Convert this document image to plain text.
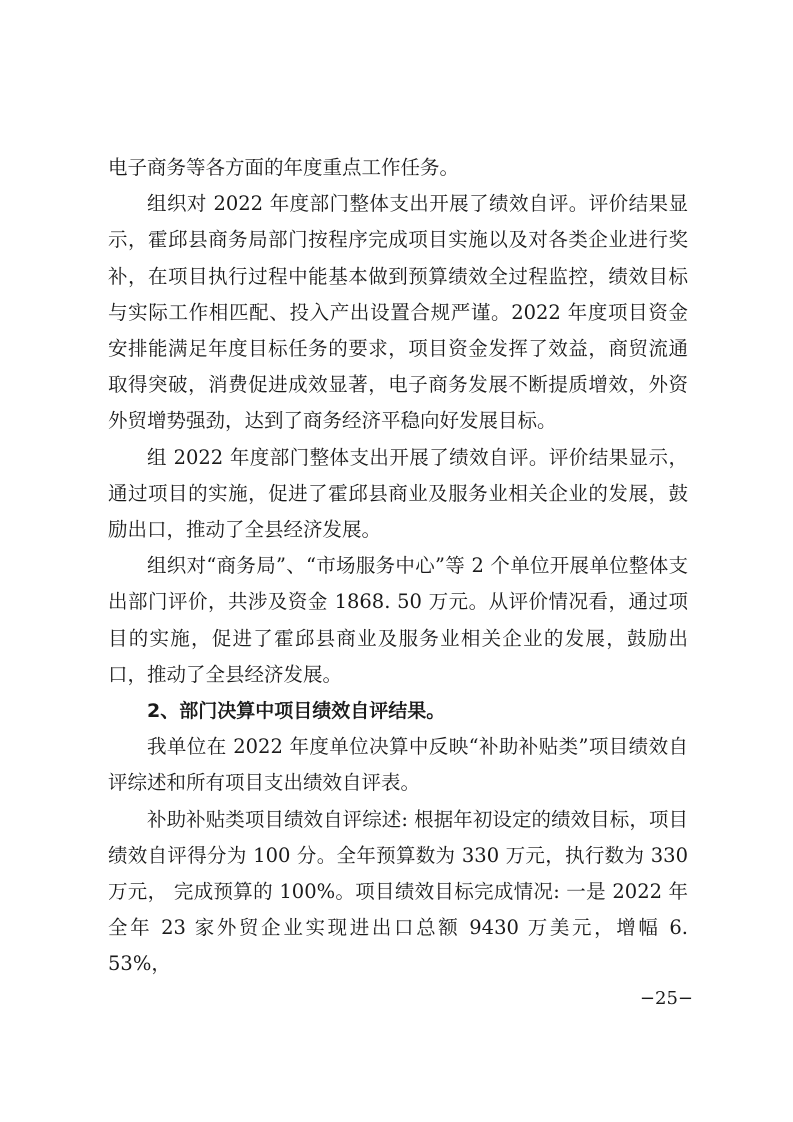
电子商务等各方面的年度重点工作任务。

组织对 2022 年度部门整体支出开展了绩效自评。评价结果显示，霍邱县商务局部门按程序完成项目实施以及对各类企业进行奖补，在项目执行过程中能基本做到预算绩效全过程监控，绩效目标与实际工作相匹配、投入产出设置合规严谨。2022 年度项目资金安排能满足年度目标任务的要求，项目资金发挥了效益，商贸流通取得突破，消费促进成效显著，电子商务发展不断提质增效，外资外贸增势强劲，达到了商务经济平稳向好发展目标。

组 2022 年度部门整体支出开展了绩效自评。评价结果显示，通过项目的实施，促进了霍邱县商业及服务业相关企业的发展，鼓励出口，推动了全县经济发展。

组织对“商务局”、“市场服务中心”等 2 个单位开展单位整体支出部门评价，共涉及资金 1868. 50 万元。从评价情况看，通过项目的实施，促进了霍邱县商业及服务业相关企业的发展，鼓励出口，推动了全县经济发展。

2、部门决算中项目绩效自评结果。

我单位在 2022 年度单位决算中反映“补助补贴类”项目绩效自评综述和所有项目支出绩效自评表。

补助补贴类项目绩效自评综述: 根据年初设定的绩效目标，项目绩效自评得分为 100 分。全年预算数为 330 万元，执行数为 330 万元， 完成预算的 100%。项目绩效目标完成情况: 一是 2022 年全年 23 家外贸企业实现进出口总额 9430 万美元，增幅 6. 53%，

−25−
